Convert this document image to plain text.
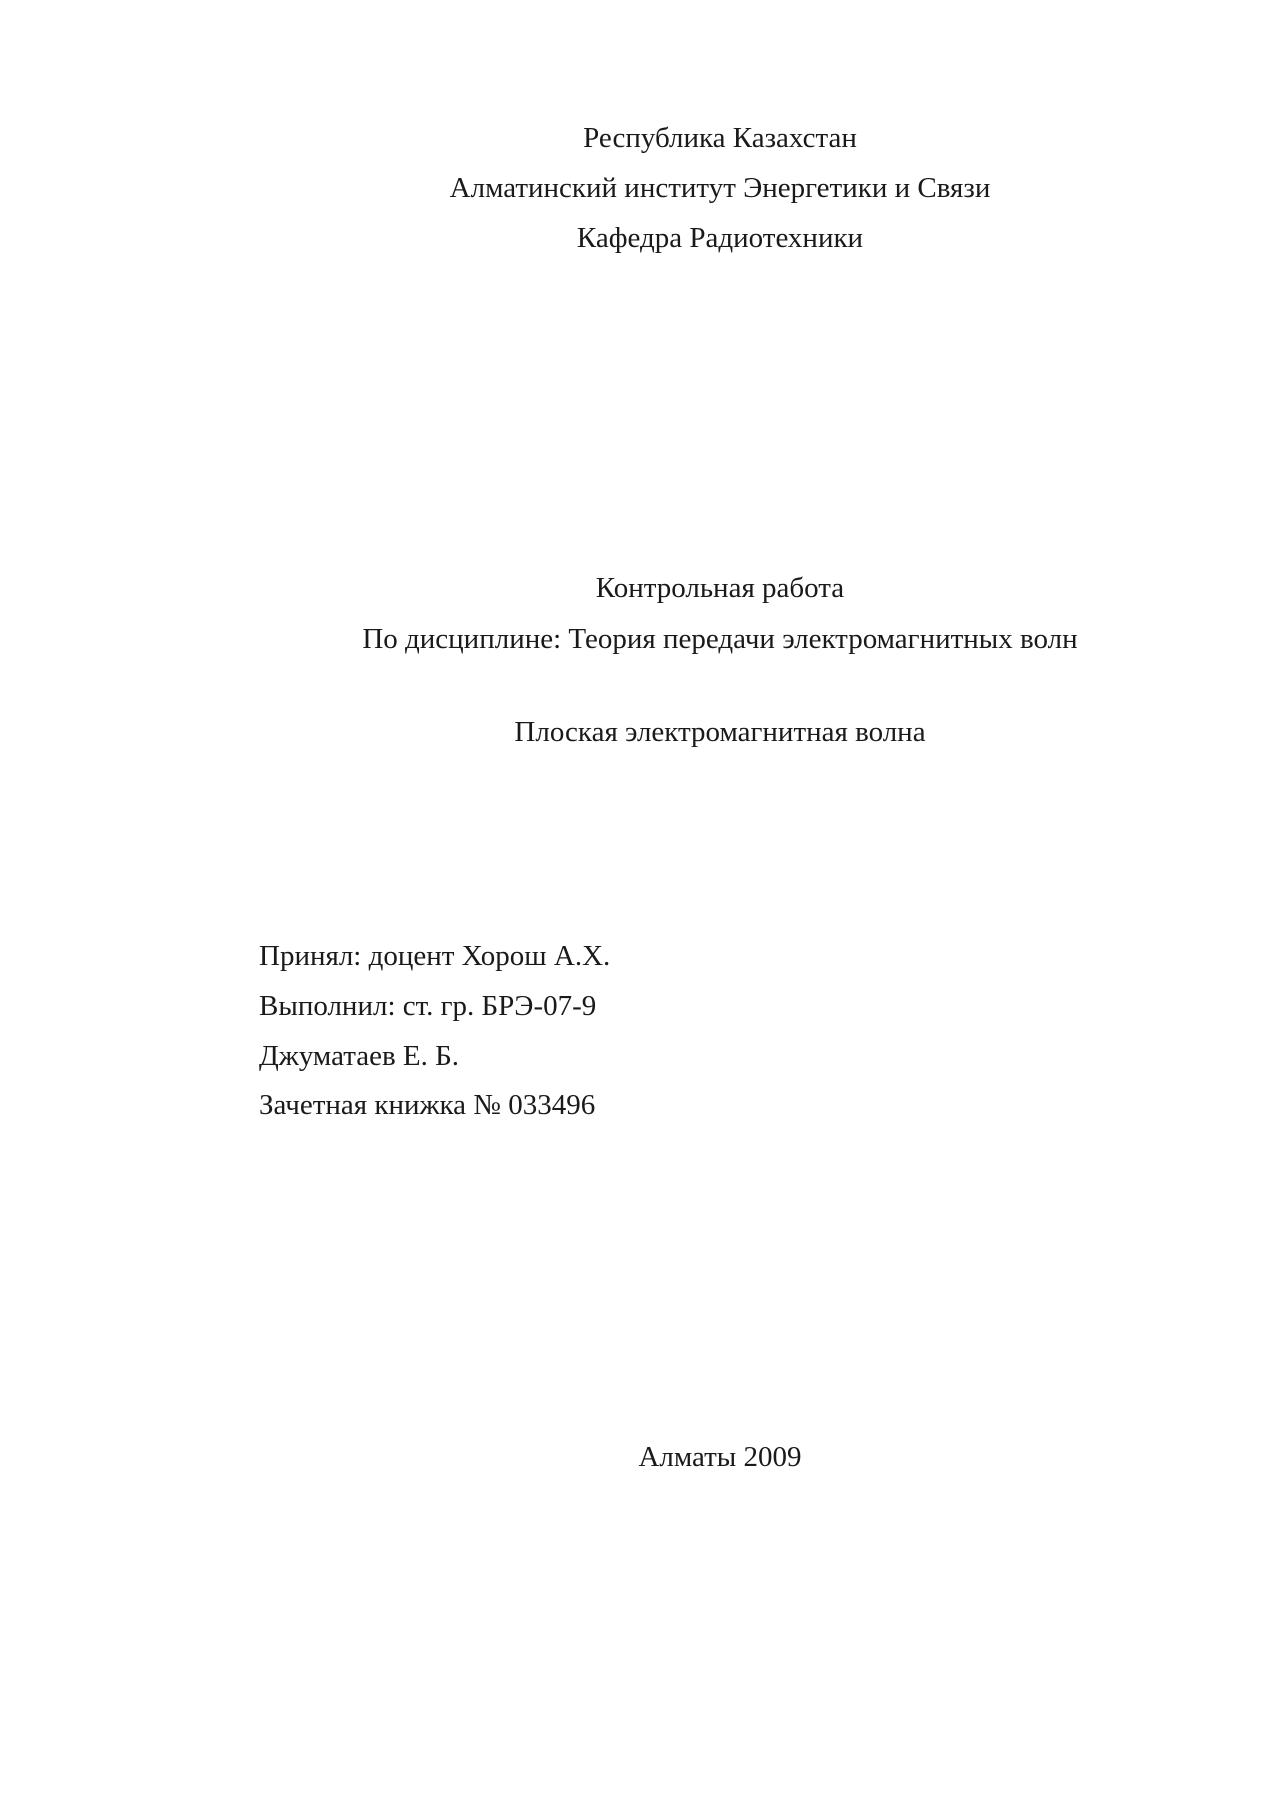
Республика Казахстан
Алматинский институт Энергетики и Связи
Кафедра Радиотехники
Контрольная работа
По дисциплине: Теория передачи электромагнитных волн
Плоская электромагнитная волна
Принял: доцент Хорош А.Х.
Выполнил: ст. гр. БРЭ-07-9
Джуматаев Е. Б.
Зачетная книжка № 033496
Алматы 2009
